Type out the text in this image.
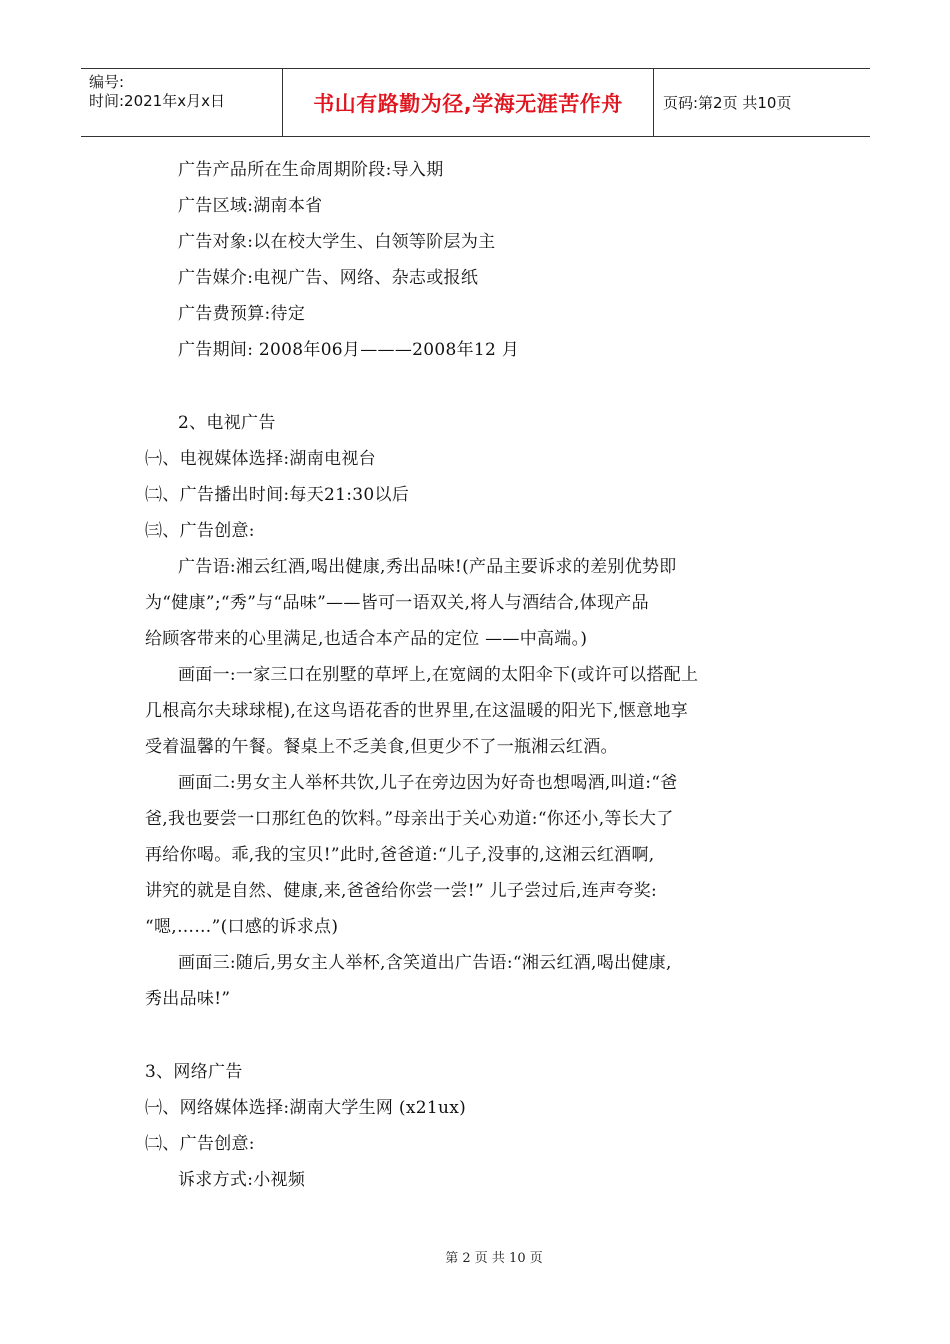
编号:
时间:2021年x月x日	书山有路勤为径,学海无涯苦作舟	页码:第2页 共10页
广告产品所在生命周期阶段:导入期
广告区域:湖南本省
广告对象:以在校大学生、白领等阶层为主
广告媒介:电视广告、网络、杂志或报纸
广告费预算:待定
广告期间: 2008年06月———2008年12 月
2、电视广告
㈠、电视媒体选择:湖南电视台
㈡、广告播出时间:每天21:30以后
㈢、广告创意:
广告语:湘云红酒,喝出健康,秀出品味!(产品主要诉求的差别优势即
为“健康”;“秀”与“品味”——皆可一语双关,将人与酒结合,体现产品
给顾客带来的心里满足,也适合本产品的定位 ——中高端。)
画面一:一家三口在别墅的草坪上,在宽阔的太阳伞下(或许可以搭配上
几根高尔夫球球棍),在这鸟语花香的世界里,在这温暖的阳光下,惬意地享
受着温馨的午餐。餐桌上不乏美食,但更少不了一瓶湘云红酒。
画面二:男女主人举杯共饮,儿子在旁边因为好奇也想喝酒,叫道:“爸
爸,我也要尝一口那红色的饮料。”母亲出于关心劝道:“你还小,等长大了
再给你喝。乖,我的宝贝!”此时,爸爸道:“儿子,没事的,这湘云红酒啊,
讲究的就是自然、健康,来,爸爸给你尝一尝!” 儿子尝过后,连声夸奖:
“嗯,……”(口感的诉求点)
画面三:随后,男女主人举杯,含笑道出广告语:“湘云红酒,喝出健康,
秀出品味!”
3、网络广告
㈠、网络媒体选择:湖南大学生网 (x21ux)
㈡、广告创意:
诉求方式:小视频
第 2 页 共 10 页
